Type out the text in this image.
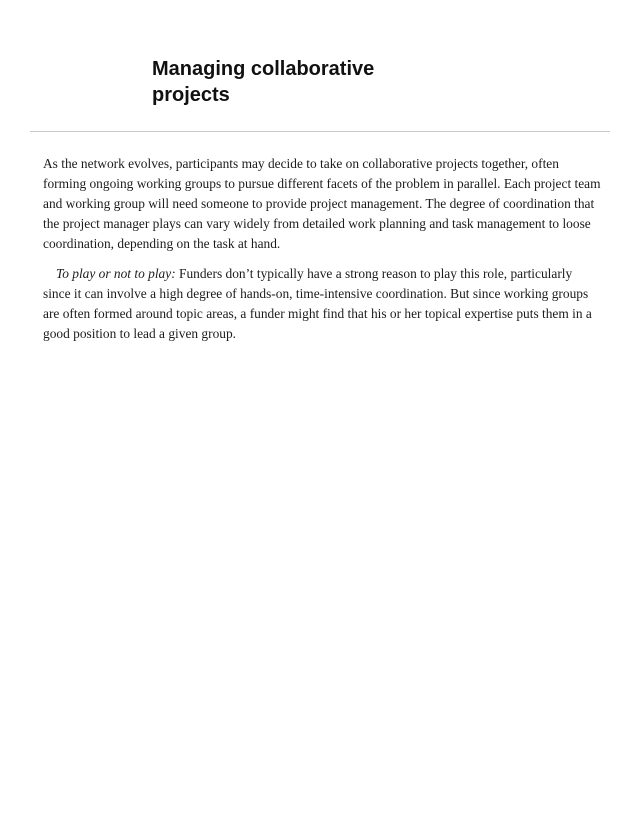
Managing collaborative projects

As the network evolves, participants may decide to take on collaborative projects together, often forming ongoing working groups to pursue different facets of the problem in parallel. Each project team and working group will need someone to provide project management. The degree of coordination that the project manager plays can vary widely from detailed work planning and task management to loose coordination, depending on the task at hand.

To play or not to play: Funders don’t typically have a strong reason to play this role, particularly since it can involve a high degree of hands-on, time-intensive coordination. But since working groups are often formed around topic areas, a funder might find that his or her topical expertise puts them in a good position to lead a given group.
